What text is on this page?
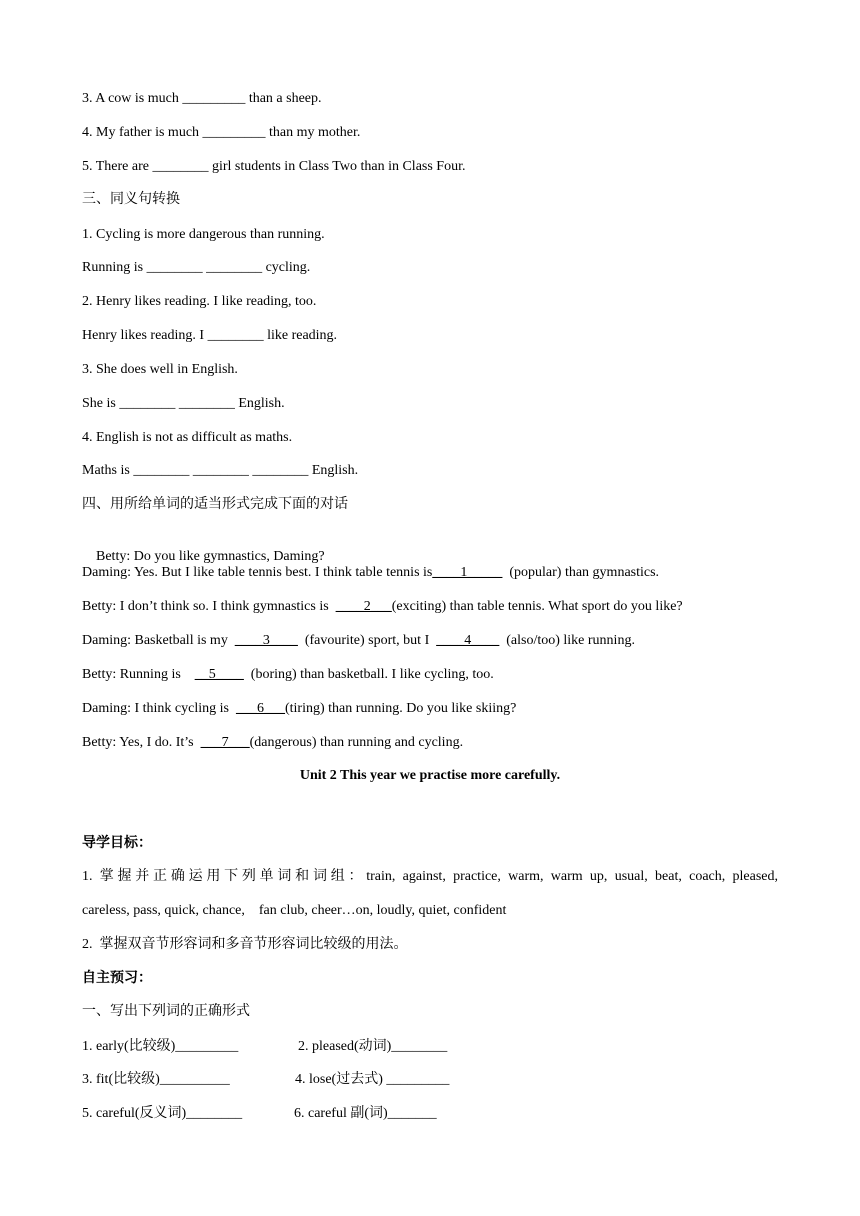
3. A cow is much _________ than a sheep.
4. My father is much _________ than my mother.
5. There are ________ girl students in Class Two than in Class Four.
三、同义句转换
1. Cycling is more dangerous than running.
Running is ________ ________ cycling.
2. Henry likes reading. I like reading, too.
Henry likes reading. I ________ like reading.
3. She does well in English.
She is ________ ________ English.
4. English is not as difficult as maths.
Maths is ________ ________ ________ English.
四、用所给单词的适当形式完成下面的对话

Betty: Do you like gymnastics, Daming?

Daming: Yes. But I like table tennis best. I think table tennis is____1_____  (popular) than gymnastics.
Betty: I don’t think so. I think gymnastics is  ____2___(exciting) than table tennis. What sport do you like?
Daming: Basketball is my  ____3____  (favourite) sport, but I  ____4____  (also/too) like running.
Betty: Running is    __5____  (boring) than basketball. I like cycling, too.
Daming: I think cycling is  ___6___(tiring) than running. Do you like skiing?
Betty: Yes, I do. It’s  ___7___(dangerous) than running and cycling.
Unit 2 This year we practise more carefully.
导学目标：
1. 掌握并正确运用下列单词和词组：train, against, practice, warm, warm up, usual, beat, coach, pleased,
careless, pass, quick, chance,    fan club, cheer…on, loudly, quiet, confident
2.  掌握双音节形容词和多音节形容词比较级的用法。
自主预习：
一、写出下列词的正确形式
1. early(比较级)_________	2. pleased(动词)________
3. fit(比较级)__________	4. lose(过去式) _________
5. careful(反义词)________	6. careful 副(词)_______
